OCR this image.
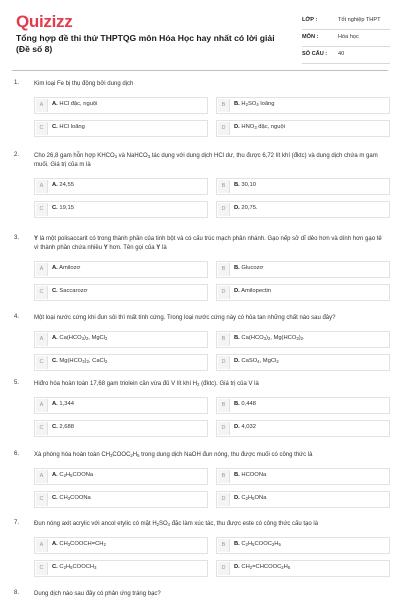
Quizizz
Tổng hợp đề thi thử THPTQG môn Hóa Học hay nhất có lời giải (Đề số 8)
LỚP :	Tốt nghiệp THPT
MÔN :	Hóa học
SỐ CÂU : 40
1. Kim loại Fe bị thụ động bởi dung dịch
A	A. HCl đặc, nguội	B	B. $H_2SO_4$ loãng
C	C. HCl loãng	D	D. $HNO_3$ đặc, nguội
2. Cho 26,8 gam hỗn hợp $KHCO_3$ và NaHCO$_3$ tác dụng với dung dịch HCl dư, thu được 6,72 lít khí (đktc) và dung dịch chứa m gam muối. Giá trị của m là
A	A. 24,55	B	B. 30,10
C	C. 19,15	D	D. 20,75.
3. Y là một polisaccarit có trong thành phần của tinh bột và có cấu trúc mạch phân nhánh. Gạo nếp sở dĩ dẻo hơn và dính hơn gạo tẻ vì thành phần chứa nhiều Y hơn. Tên gọi của Y là
A	A. Amilozơ	B	B. Glucozơ
C	C. Saccarozơ	D	D. Amilopectin
4. Một loại nước cứng khi đun sôi thì mất tính cứng. Trong loại nước cứng này có hòa tan những chất nào sau đây?
A	A. $Ca(HCO_3)_2$, MgCl$_2$	B	B. $Ca(HCO_3)_2$, $Mg(HCO_3)_2$.
C	C. $Mg(HCO_3)_2$, CaCl$_2$	D	D. CaSO$_4$, MgCl$_2$
5. Hiđro hóa hoàn toàn 17,68 gam triolein cần vừa đủ V lít khí $H_2$ (đktc). Giá trị của V là
A	A. 1,344	B	B. 0,448
C	C. 2,688	D	D. 4,032
6. Xà phòng hóa hoàn toàn $CH_3COOC_2H_5$ trong dung dịch NaOH đun nóng, thu được muối có công thức là
A	A. $C_2H_5COONa$	B	B. HCOONa
C	C. $CH_3COONa$	D	D. $C_2H_5ONa$
7. Đun nóng axit acrylic với ancol etylic có mặt $H_2SO_4$ đặc làm xúc tác, thu được este có công thức cấu tạo là
A	A. $CH_3COOCH=CH_2$	B	B. $C_2H_5COOC_2H_5$
C	C. $C_2H_5COOCH_3$	D	D. $CH_2=CHCOOC_2H_5$
8. Dung dịch nào sau đây có phản ứng tráng bạc?
